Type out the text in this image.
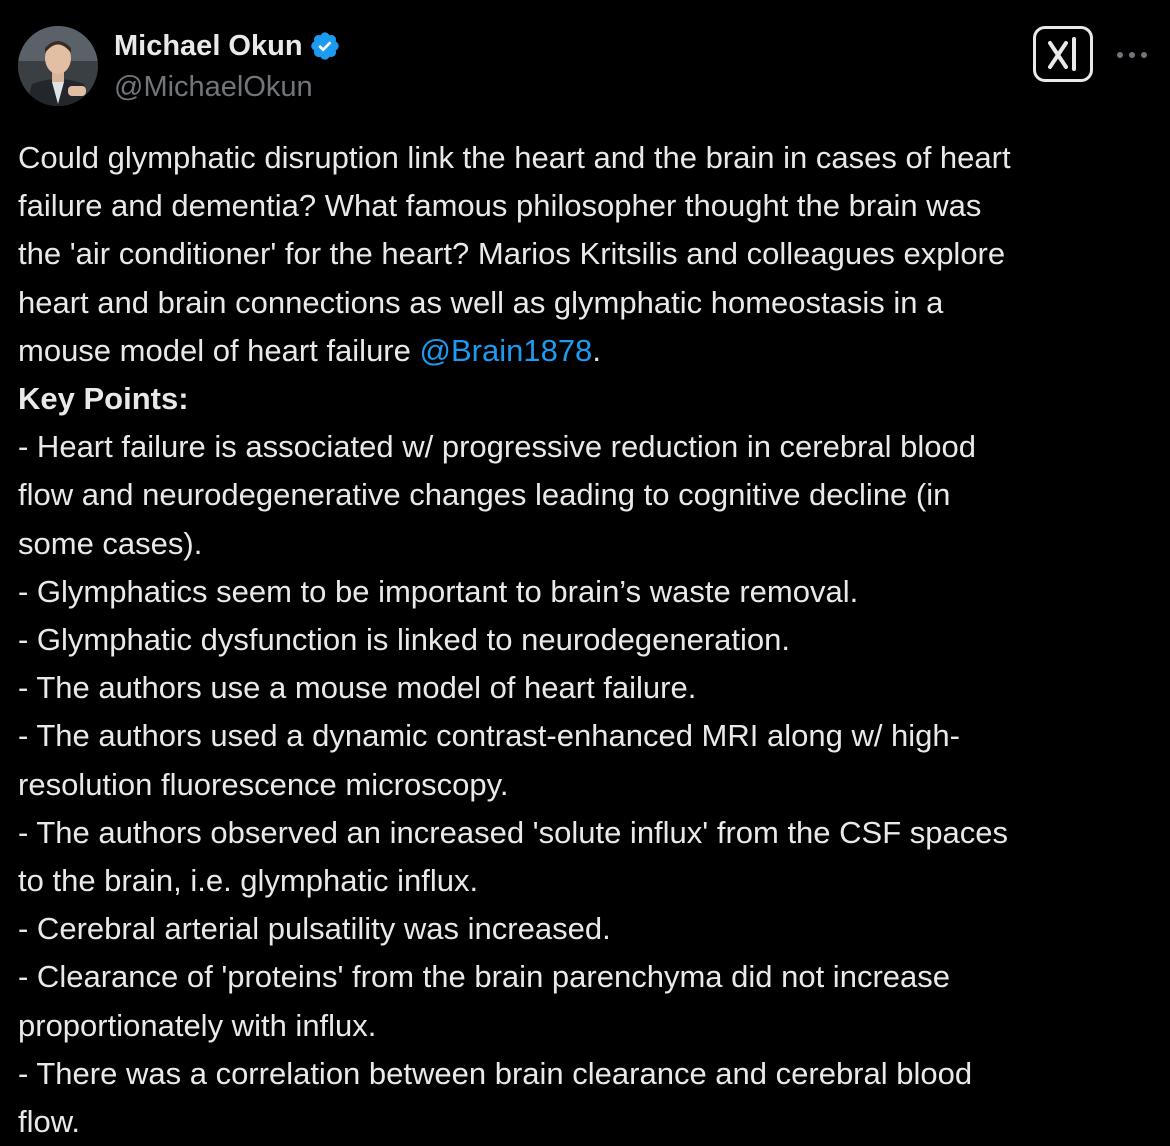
Michael Okun
@MichaelOkun
Could glymphatic disruption link the heart and the brain in cases of heart
failure and dementia? What famous philosopher thought the brain was
the 'air conditioner' for the heart? Marios Kritsilis and colleagues explore
heart and brain connections as well as glymphatic homeostasis in a
mouse model of heart failure @Brain1878.
Key Points:
- Heart failure is associated w/ progressive reduction in cerebral blood
flow and neurodegenerative changes leading to cognitive decline (in
some cases).
- Glymphatics seem to be important to brain’s waste removal.
- Glymphatic dysfunction is linked to neurodegeneration.
- The authors use a mouse model of heart failure.
- The authors used a dynamic contrast-enhanced MRI along w/ high-
resolution fluorescence microscopy.
- The authors observed an increased 'solute influx' from the CSF spaces
to the brain, i.e. glymphatic influx.
- Cerebral arterial pulsatility was increased.
- Clearance of 'proteins' from the brain parenchyma did not increase
proportionately with influx.
- There was a correlation between brain clearance and cerebral blood
flow.
